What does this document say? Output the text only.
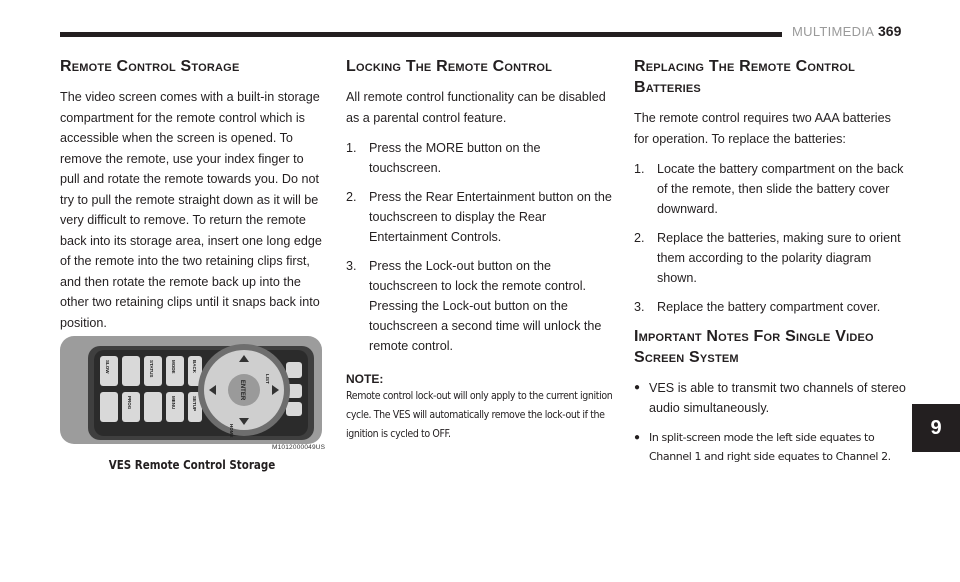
MULTIMEDIA 369
Remote Control Storage

The video screen comes with a built-in storage compartment for the remote control which is accessible when the screen is opened. To remove the remote, use your index finger to pull and rotate the remote towards you. Do not try to pull the remote straight down as it will be very difficult to remove. To return the remote back into its storage area, insert one long edge of the remote into the two retaining clips first, and then rotate the remote back up into the other two retaining clips until it snaps back into position.

ENTER
SLOW	STATUS	MODE	BACK
SETUP
MENU
PROG
LIST
HOME
M1012000049US
VES Remote Control Storage
Locking The Remote Control

All remote control functionality can be disabled as a parental control feature.

1. Press the MORE button on the touchscreen.
2. Press the Rear Entertainment button on the touchscreen to display the Rear Entertainment Controls.
3. Press the Lock-out button on the touchscreen to lock the remote control. Pressing the Lock-out button on the touchscreen a second time will unlock the remote control.
NOTE:
Remote control lock-out will only apply to the current ignition cycle. The VES will automatically remove the lock-out if the ignition is cycled to OFF.
Replacing The Remote Control Batteries

The remote control requires two AAA batteries for operation. To replace the batteries:

1. Locate the battery compartment on the back of the remote, then slide the battery cover downward.
2. Replace the batteries, making sure to orient them according to the polarity diagram shown.
3. Replace the battery compartment cover.
Important Notes For Single Video Screen System
● VES is able to transmit two channels of stereo audio simultaneously.
● In split-screen mode the left side equates to Channel 1 and right side equates to Channel 2.
9
